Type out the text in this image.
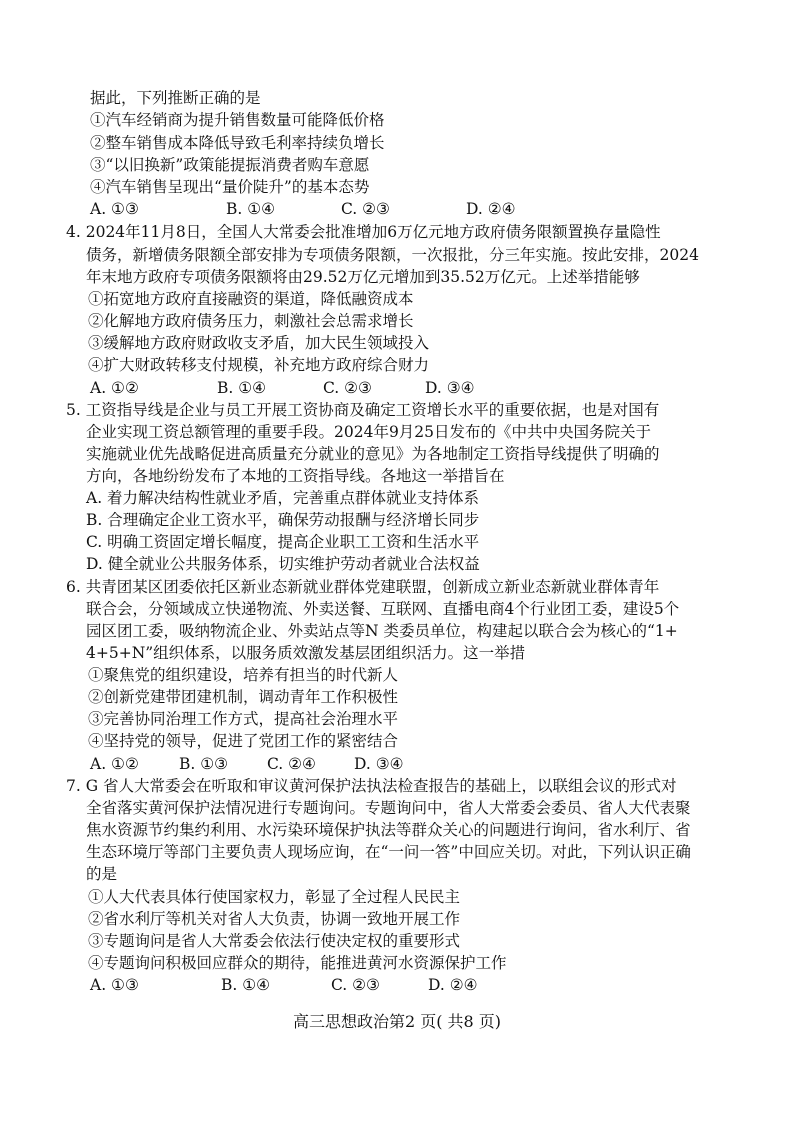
据此，下列推断正确的是
①汽车经销商为提升销售数量可能降低价格
②整车销售成本降低导致毛利率持续负增长
③“以旧换新”政策能提振消费者购车意愿
④汽车销售呈现出“量价陡升”的基本态势
A. ①③	B. ①④	C. ②③	D. ②④
4. 2024年11月8日，全国人大常委会批准增加6万亿元地方政府债务限额置换存量隐性
债务，新增债务限额全部安排为专项债务限额，一次报批，分三年实施。按此安排，2024
年末地方政府专项债务限额将由29.52万亿元增加到35.52万亿元。上述举措能够
①拓宽地方政府直接融资的渠道，降低融资成本
②化解地方政府债务压力，刺激社会总需求增长
③缓解地方政府财政收支矛盾，加大民生领域投入
④扩大财政转移支付规模，补充地方政府综合财力
A. ①②	B. ①④	C. ②③	D. ③④
5. 工资指导线是企业与员工开展工资协商及确定工资增长水平的重要依据，也是对国有
企业实现工资总额管理的重要手段。2024年9月25日发布的《中共中央国务院关于
实施就业优先战略促进高质量充分就业的意见》为各地制定工资指导线提供了明确的
方向，各地纷纷发布了本地的工资指导线。各地这一举措旨在
A. 着力解决结构性就业矛盾，完善重点群体就业支持体系
B. 合理确定企业工资水平，确保劳动报酬与经济增长同步
C. 明确工资固定增长幅度，提高企业职工工资和生活水平
D. 健全就业公共服务体系，切实维护劳动者就业合法权益
6. 共青团某区团委依托区新业态新就业群体党建联盟，创新成立新业态新就业群体青年
联合会，分领域成立快递物流、外卖送餐、互联网、直播电商4个行业团工委，建设5个
园区团工委，吸纳物流企业、外卖站点等N 类委员单位，构建起以联合会为核心的“1+
4+5+N”组织体系，以服务质效激发基层团组织活力。这一举措
①聚焦党的组织建设，培养有担当的时代新人
②创新党建带团建机制，调动青年工作积极性
③完善协同治理工作方式，提高社会治理水平
④坚持党的领导，促进了党团工作的紧密结合
A. ①②	B. ①③	C. ②④ D. ③④
7. G 省人大常委会在听取和审议黄河保护法执法检查报告的基础上，以联组会议的形式对
全省落实黄河保护法情况进行专题询问。专题询问中，省人大常委会委员、省人大代表聚
焦水资源节约集约利用、水污染环境保护执法等群众关心的问题进行询问，省水利厅、省
生态环境厅等部门主要负责人现场应询，在“一问一答”中回应关切。对此，下列认识正确
的是
①人大代表具体行使国家权力，彰显了全过程人民民主
②省水利厅等机关对省人大负责，协调一致地开展工作
③专题询问是省人大常委会依法行使决定权的重要形式
④专题询问积极回应群众的期待，能推进黄河水资源保护工作
A. ①③	B. ①④	C. ②③	D. ②④
高三思想政治第2 页( 共8 页)
